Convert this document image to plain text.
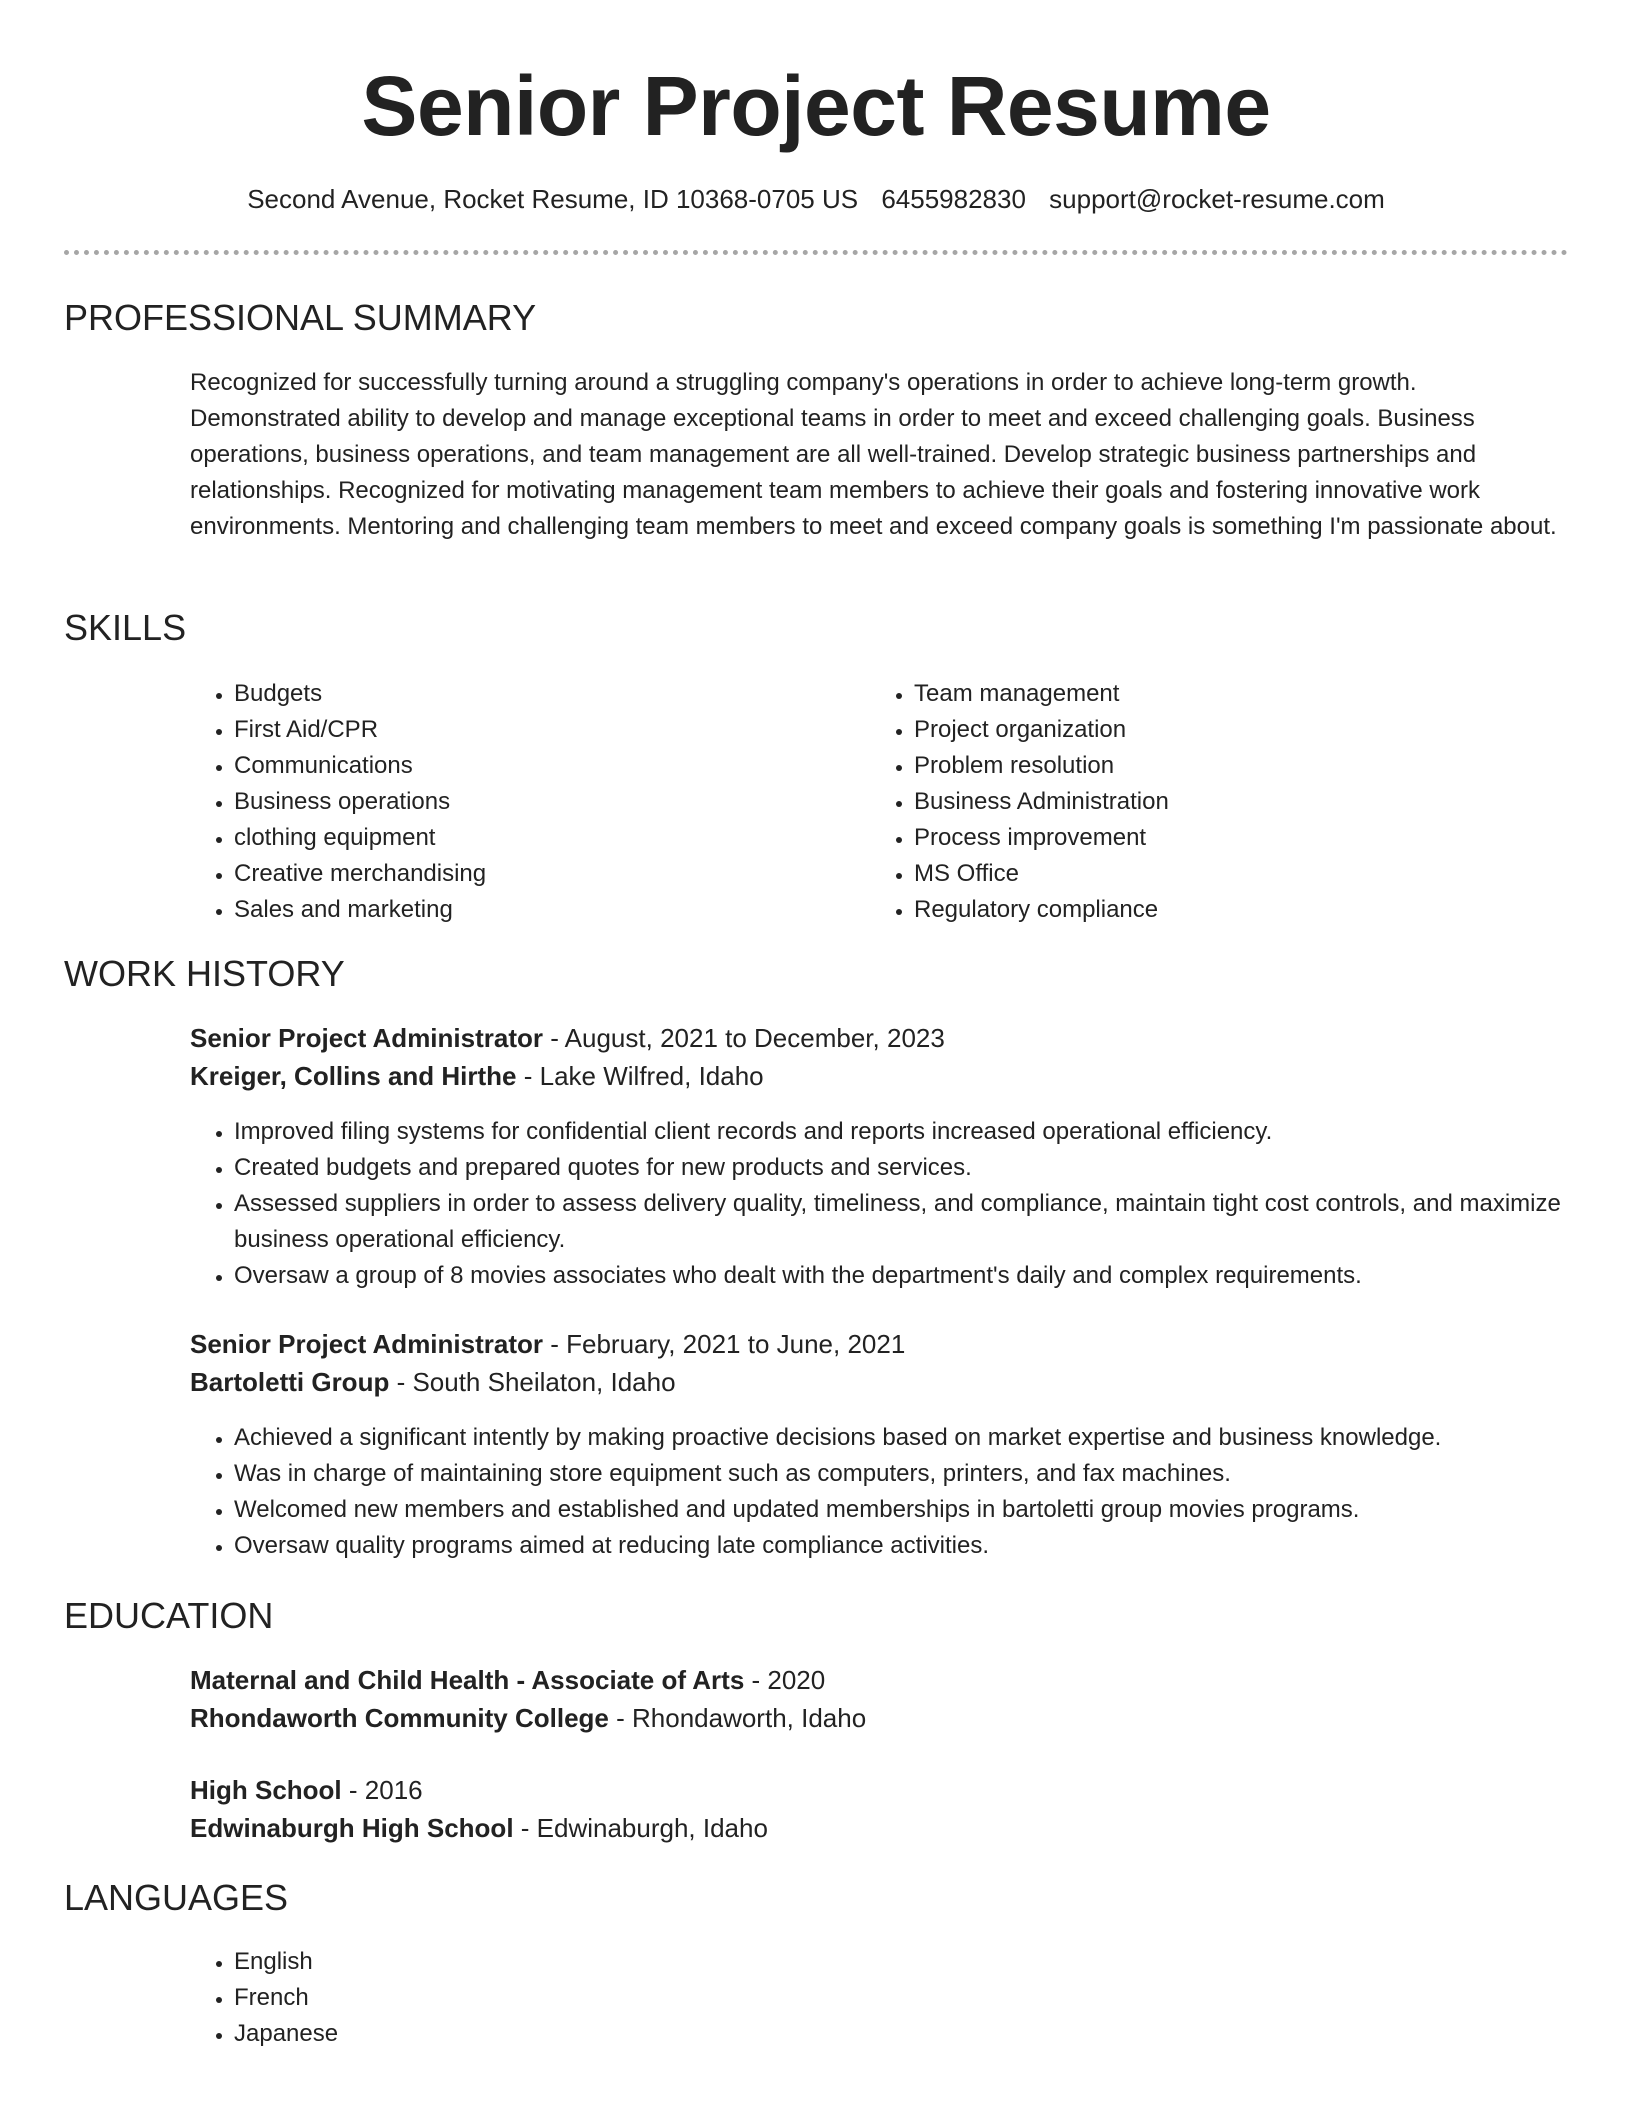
Senior Project Resume
Second Avenue, Rocket Resume, ID 10368-0705 US 6455982830 support@rocket-resume.com
PROFESSIONAL SUMMARY

Recognized for successfully turning around a struggling company's operations in order to achieve long-term growth. Demonstrated ability to develop and manage exceptional teams in order to meet and exceed challenging goals. Business operations, business operations, and team management are all well-trained. Develop strategic business partnerships and relationships. Recognized for motivating management team members to achieve their goals and fostering innovative work environments. Mentoring and challenging team members to meet and exceed company goals is something I'm passionate about.

SKILLS
• Budgets
• First Aid/CPR
• Communications
• Business operations
• clothing equipment
• Creative merchandising
• Sales and marketing
• Team management
• Project organization
• Problem resolution
• Business Administration
• Process improvement
• MS Office
• Regulatory compliance
WORK HISTORY
Senior Project Administrator - August, 2021 to December, 2023
Kreiger, Collins and Hirthe - Lake Wilfred, Idaho
• Improved filing systems for confidential client records and reports increased operational efficiency.
• Created budgets and prepared quotes for new products and services.
• Assessed suppliers in order to assess delivery quality, timeliness, and compliance, maintain tight cost controls, and maximize business operational efficiency.
• Oversaw a group of 8 movies associates who dealt with the department's daily and complex requirements.
Senior Project Administrator - February, 2021 to June, 2021
Bartoletti Group - South Sheilaton, Idaho
• Achieved a significant intently by making proactive decisions based on market expertise and business knowledge.
• Was in charge of maintaining store equipment such as computers, printers, and fax machines.
• Welcomed new members and established and updated memberships in bartoletti group movies programs.
• Oversaw quality programs aimed at reducing late compliance activities.
EDUCATION
Maternal and Child Health - Associate of Arts - 2020
Rhondaworth Community College - Rhondaworth, Idaho
High School - 2016
Edwinaburgh High School - Edwinaburgh, Idaho
LANGUAGES
• English
• French
• Japanese
